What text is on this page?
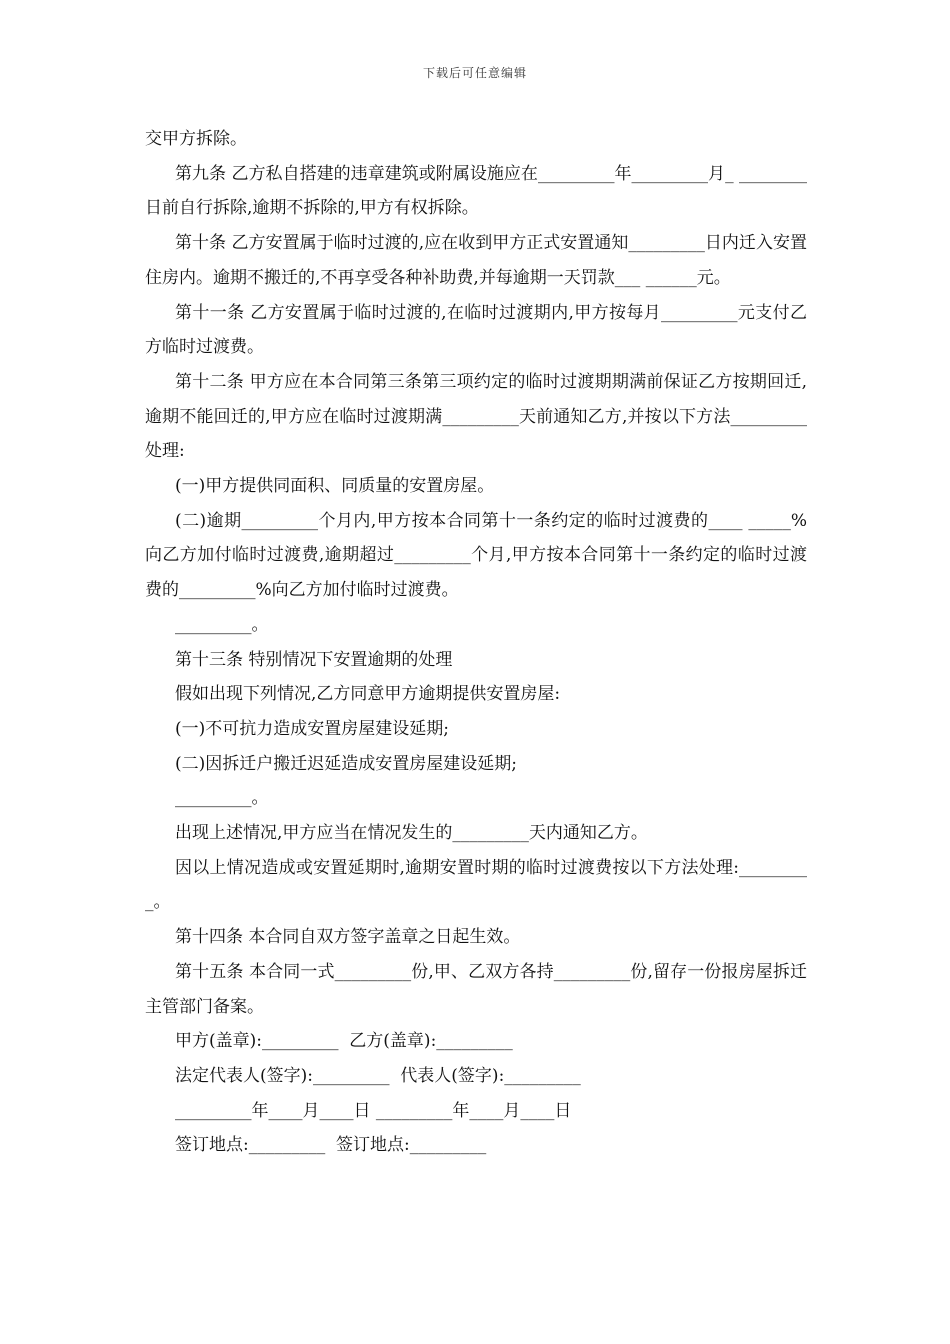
下载后可任意编辑

交甲方拆除。

第九条 乙方私自搭建的违章建筑或附属设施应在_________年_________月_ ________日前自行拆除,逾期不拆除的,甲方有权拆除。

第十条 乙方安置属于临时过渡的,应在收到甲方正式安置通知_________日内迁入安置住房内。逾期不搬迁的,不再享受各种补助费,并每逾期一天罚款___ ______元。

第十一条 乙方安置属于临时过渡的,在临时过渡期内,甲方按每月_________元支付乙方临时过渡费。

第十二条 甲方应在本合同第三条第三项约定的临时过渡期期满前保证乙方按期回迁,逾期不能回迁的,甲方应在临时过渡期满_________天前通知乙方,并按以下方法_________处理:

(一)甲方提供同面积、同质量的安置房屋。

(二)逾期_________个月内,甲方按本合同第十一条约定的临时过渡费的____ _____%向乙方加付临时过渡费,逾期超过_________个月,甲方按本合同第十一条约定的临时过渡费的_________%向乙方加付临时过渡费。

_________。

第十三条 特别情况下安置逾期的处理

假如出现下列情况,乙方同意甲方逾期提供安置房屋:

(一)不可抗力造成安置房屋建设延期;

(二)因拆迁户搬迁迟延造成安置房屋建设延期;

_________。

出现上述情况,甲方应当在情况发生的_________天内通知乙方。

因以上情况造成或安置延期时,逾期安置时期的临时过渡费按以下方法处理:_________。

第十四条 本合同自双方签字盖章之日起生效。

第十五条 本合同一式_________份,甲、乙双方各持_________份,留存一份报房屋拆迁主管部门备案。

甲方(盖章):_________  乙方(盖章):_________

法定代表人(签字):_________  代表人(签字):_________

_________年____月____日 _________年____月____日

签订地点:_________  签订地点:_________
